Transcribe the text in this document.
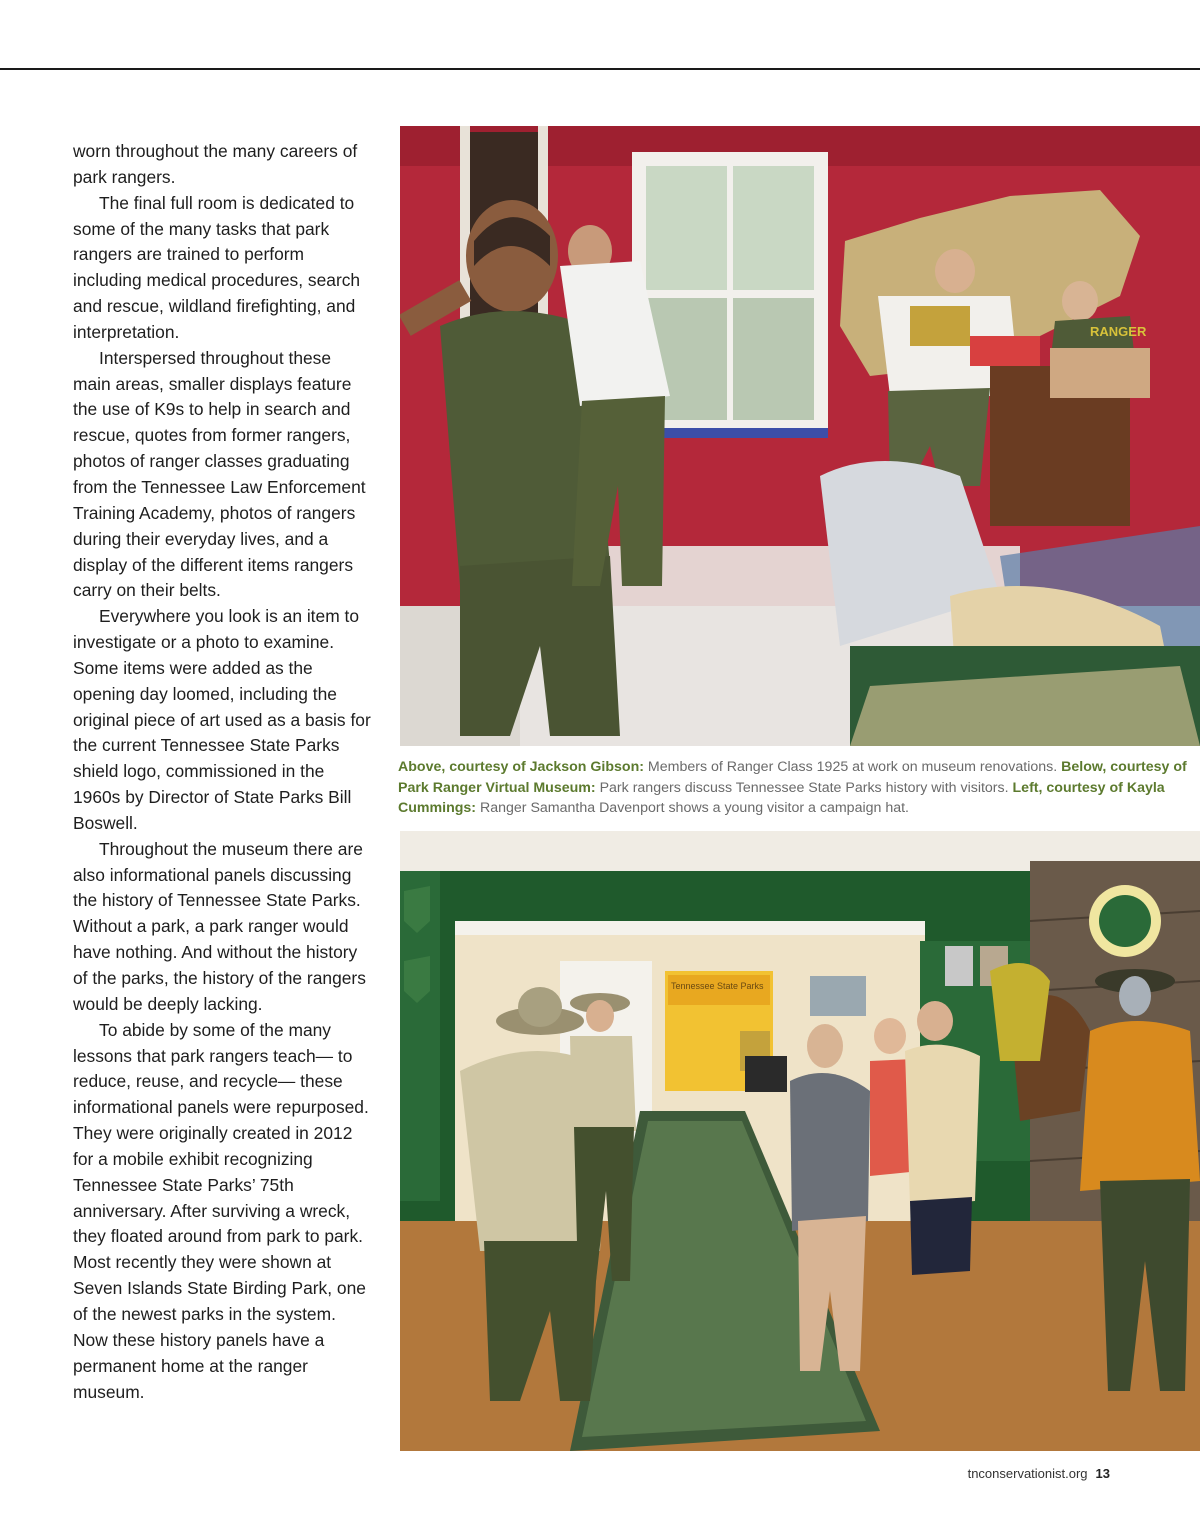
worn throughout the many careers of park rangers.

The final full room is dedicated to some of the many tasks that park rangers are trained to perform including medical procedures, search and rescue, wildland firefighting, and interpretation.

Interspersed throughout these main areas, smaller displays feature the use of K9s to help in search and rescue, quotes from former rangers, photos of ranger classes graduating from the Tennessee Law Enforcement Training Academy, photos of rangers during their everyday lives, and a display of the different items rangers carry on their belts.

Everywhere you look is an item to investigate or a photo to examine. Some items were added as the opening day loomed, including the original piece of art used as a basis for the current Tennessee State Parks shield logo, commissioned in the 1960s by Director of State Parks Bill Boswell.

Throughout the museum there are also informational panels discussing the history of Tennessee State Parks. Without a park, a park ranger would have nothing. And without the history of the parks, the history of the rangers would be deeply lacking.

To abide by some of the many lessons that park rangers teach— to reduce, reuse, and recycle— these informational panels were repurposed. They were originally created in 2012 for a mobile exhibit recognizing Tennessee State Parks’ 75th anniversary. After surviving a wreck, they floated around from park to park. Most recently they were shown at Seven Islands State Birding Park, one of the newest parks in the system. Now these history panels have a permanent home at the ranger museum.

RANGER
Above, courtesy of Jackson Gibson: Members of Ranger Class 1925 at work on museum renovations. Below, courtesy of Park Ranger Virtual Museum: Park rangers discuss Tennessee State Parks history with visitors. Left, courtesy of Kayla Cummings: Ranger Samantha Davenport shows a young visitor a campaign hat.
Tennessee State Parks
tnconservationist.org 13
